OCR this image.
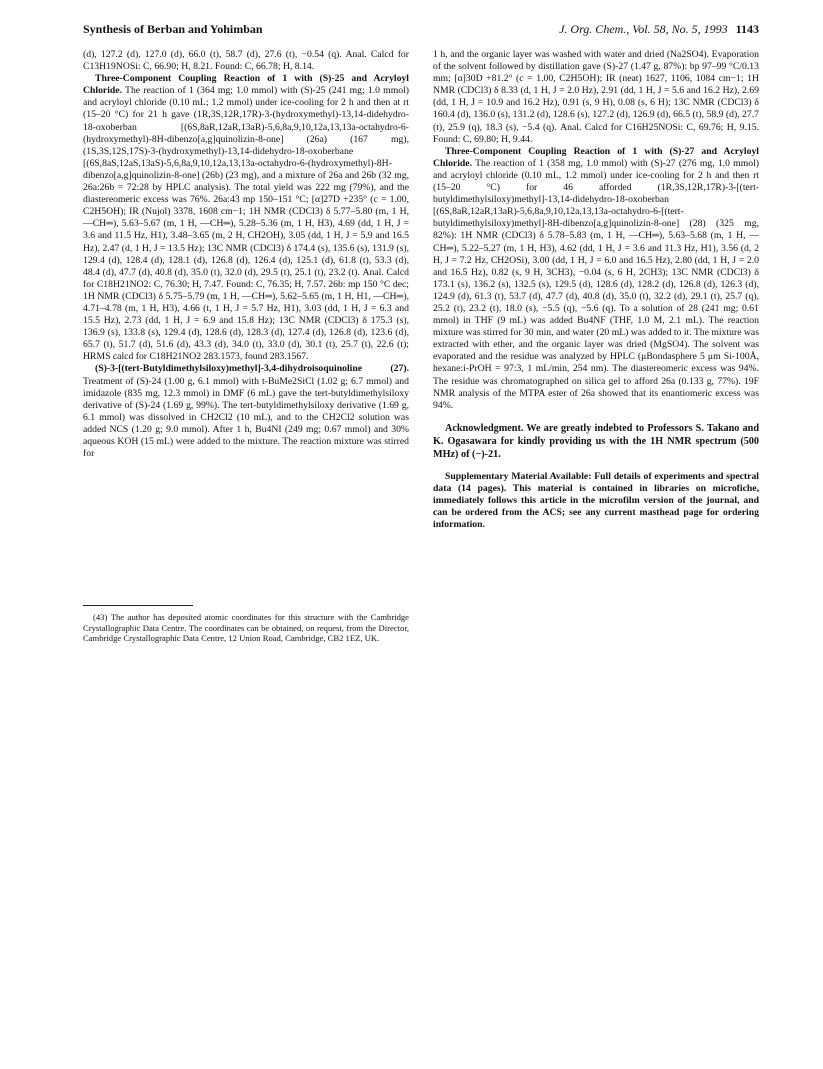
Synthesis of Berban and Yohimban	J. Org. Chem., Vol. 58, No. 5, 1993 1143

(d), 127.2 (d), 127.0 (d), 66.0 (t), 58.7 (d), 27.6 (t), −0.54 (q). Anal. Calcd for C13H19NOSi: C, 66.90; H, 8.21. Found: C, 66.78; H, 8.14.

Three-Component Coupling Reaction of 1 with (S)-25 and Acryloyl Chloride. The reaction of 1 (364 mg; 1.0 mmol) with (S)-25 (241 mg; 1.0 mmol) and acryloyl chloride (0.10 mL; 1.2 mmol) under ice-cooling for 2 h and then at rt (15–20 °C) for 21 h gave (1R,3S,12R,17R)-3-(hydroxymethyl)-13,14-didehydro-18-oxoberban [(6S,8aR,12aR,13aR)-5,6,8a,9,10,12a,13,13a-octahydro-6-(hydroxymethyl)-8H-dibenzo[a,g]quinolizin-8-one] (26a) (167 mg), (1S,3S,12S,17S)-3-(hydroxymethyl)-13,14-didehydro-18-oxoberbane [(6S,8aS,12aS,13aS)-5,6,8a,9,10,12a,13,13a-octahydro-6-(hydroxymethyl)-8H-dibenzo[a,g]quinolizin-8-one] (26b) (23 mg), and a mixture of 26a and 26b (32 mg, 26a:26b = 72:28 by HPLC analysis). The total yield was 222 mg (79%), and the diastereomeric excess was 76%. 26a:43 mp 150–151 °C; [α]27D +235° (c = 1.00, C2H5OH); IR (Nujol) 3378, 1608 cm−1; 1H NMR (CDCl3) δ 5.77–5.80 (m, 1 H, —CH═), 5.63–5.67 (m, 1 H, —CH═), 5.28–5.36 (m, 1 H, H3), 4.69 (dd, 1 H, J = 3.6 and 11.5 Hz, H1), 3.48–3.65 (m, 2 H, CH2OH), 3.05 (dd, 1 H, J = 5.9 and 16.5 Hz), 2.47 (d, 1 H, J = 13.5 Hz); 13C NMR (CDCl3) δ 174.4 (s), 135.6 (s), 131.9 (s), 129.4 (d), 128.4 (d), 128.1 (d), 126.8 (d), 126.4 (d), 125.1 (d), 61.8 (t), 53.3 (d), 48.4 (d), 47.7 (d), 40.8 (d), 35.0 (t), 32.0 (d), 29.5 (t), 25.1 (t), 23.2 (t). Anal. Calcd for C18H21NO2: C, 76.30; H, 7.47. Found: C, 76.35; H, 7.57. 26b: mp 150 °C dec; 1H NMR (CDCl3) δ 5.75–5.79 (m, 1 H, —CH═), 5.62–5.65 (m, 1 H, H1, —CH═), 4.71–4.78 (m, 1 H, H3), 4.66 (t, 1 H, J = 5.7 Hz, H1), 3.03 (dd, 1 H, J = 6.3 and 15.5 Hz), 2.73 (dd, 1 H, J = 6.9 and 15.8 Hz); 13C NMR (CDCl3) δ 175.3 (s), 136.9 (s), 133.8 (s), 129.4 (d), 128.6 (d), 128.3 (d), 127.4 (d), 126.8 (d), 123.6 (d), 65.7 (t), 51.7 (d), 51.6 (d), 43.3 (d), 34.0 (t), 33.0 (d), 30.1 (t), 25.7 (t), 22.6 (t); HRMS calcd for C18H21NO2 283.1573, found 283.1567.

(S)-3-[(tert-Butyldimethylsiloxy)methyl]-3,4-dihydroisoquinoline (27). Treatment of (S)-24 (1.00 g, 6.1 mmol) with t-BuMe2SiCl (1.02 g; 6.7 mmol) and imidazole (835 mg, 12.3 mmol) in DMF (6 mL) gave the tert-butyldimethylsiloxy derivative of (S)-24 (1.69 g, 99%). The tert-butyldimethylsiloxy derivative (1.69 g, 6.1 mmol) was dissolved in CH2Cl2 (10 mL), and to the CH2Cl2 solution was added NCS (1.20 g; 9.0 mmol). After 1 h, Bu4NI (249 mg; 0.67 mmol) and 30% aqueous KOH (15 mL) were added to the mixture. The reaction mixture was stirred for

(43) The author has deposited atomic coordinates for this structure with the Cambridge Crystallographic Data Centre. The coordinates can be obtained, on request, from the Director, Cambridge Crystallographic Data Centre, 12 Union Road, Cambridge, CB2 1EZ, UK.

1 h, and the organic layer was washed with water and dried (Na2SO4). Evaporation of the solvent followed by distillation gave (S)-27 (1.47 g, 87%): bp 97–99 °C/0.13 mm; [α]30D +81.2° (c = 1.00, C2H5OH); IR (neat) 1627, 1106, 1084 cm−1; 1H NMR (CDCl3) δ 8.33 (d, 1 H, J = 2.0 Hz), 2.91 (dd, 1 H, J = 5.6 and 16.2 Hz), 2.69 (dd, 1 H, J = 10.9 and 16.2 Hz), 0.91 (s, 9 H), 0.08 (s, 6 H); 13C NMR (CDCl3) δ 160.4 (d), 136.0 (s), 131.2 (d), 128.6 (s), 127.2 (d), 126.9 (d), 66.5 (t), 58.9 (d), 27.7 (t), 25.9 (q), 18.3 (s), −5.4 (q). Anal. Calcd for C16H25NOSi: C, 69.76; H, 9.15. Found: C, 69.80; H, 9.44.

Three-Component Coupling Reaction of 1 with (S)-27 and Acryloyl Chloride. The reaction of 1 (358 mg, 1.0 mmol) with (S)-27 (276 mg, 1.0 mmol) and acryloyl chloride (0.10 mL, 1.2 mmol) under ice-cooling for 2 h and then rt (15–20 °C) for 46 afforded (1R,3S,12R,17R)-3-[(tert-butyldimethylsiloxy)methyl]-13,14-didehydro-18-oxoberban [(6S,8aR,12aR,13aR)-5,6,8a,9,10,12a,13,13a-octahydro-6-[(tert-butyldimethylsiloxy)methyl]-8H-dibenzo[a,g]quinolizin-8-one] (28) (325 mg, 82%): 1H NMR (CDCl3) δ 5.78–5.83 (m, 1 H, —CH═), 5.63–5.68 (m, 1 H, —CH═), 5.22–5.27 (m, 1 H, H3), 4.62 (dd, 1 H, J = 3.6 and 11.3 Hz, H1), 3.56 (d, 2 H, J = 7.2 Hz, CH2OSi), 3.00 (dd, 1 H, J = 6.0 and 16.5 Hz), 2.80 (dd, 1 H, J = 2.0 and 16.5 Hz), 0.82 (s, 9 H, 3CH3), −0.04 (s, 6 H, 2CH3); 13C NMR (CDCl3) δ 173.1 (s), 136.2 (s), 132.5 (s), 129.5 (d), 128.6 (d), 128.2 (d), 126.8 (d), 126.3 (d), 124.9 (d), 61.3 (t), 53.7 (d), 47.7 (d), 40.8 (d), 35.0 (t), 32.2 (d), 29.1 (t), 25.7 (q), 25.2 (t), 23.2 (t), 18.0 (s), −5.5 (q), −5.6 (q). To a solution of 28 (241 mg; 0.61 mmol) in THF (9 mL) was added Bu4NF (THF, 1.0 M, 2.1 mL). The reaction mixture was stirred for 30 min, and water (20 mL) was added to it. The mixture was extracted with ether, and the organic layer was dried (MgSO4). The solvent was evaporated and the residue was analyzed by HPLC (μBondasphere 5 μm Si-100Å, hexane:i-PrOH = 97:3, 1 mL/min, 254 nm). The diastereomeric excess was 94%. The residue was chromatographed on silica gel to afford 26a (0.133 g, 77%). 19F NMR analysis of the MTPA ester of 26a showed that its enantiomeric excess was 94%.

Acknowledgment. We are greatly indebted to Professors S. Takano and K. Ogasawara for kindly providing us with the 1H NMR spectrum (500 MHz) of (−)-21.

Supplementary Material Available: Full details of experiments and spectral data (14 pages). This material is contained in libraries on microfiche, immediately follows this article in the microfilm version of the journal, and can be ordered from the ACS; see any current masthead page for ordering information.
